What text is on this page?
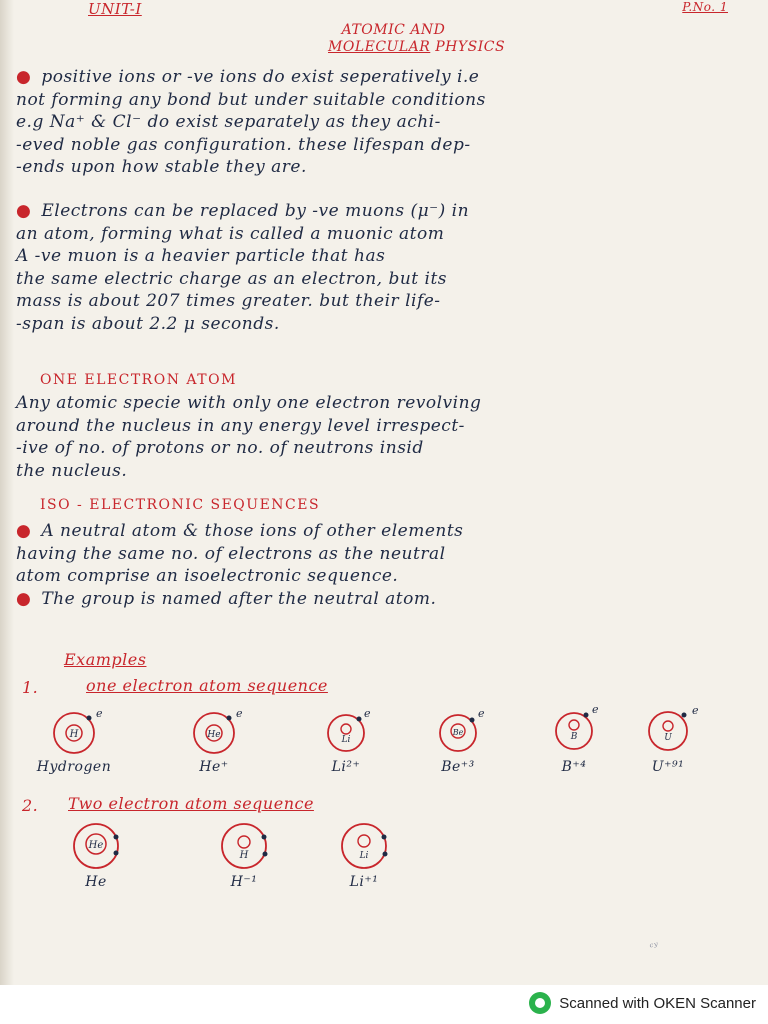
UNIT-I	P.No. 1
ATOMIC AND
MOLECULAR PHYSICS
● positive ions or -ve ions do exist seperatively i.e
not forming any bond but under suitable conditions
e.g Na⁺ & Cl⁻ do exist separately as they achi-
-eved noble gas configuration. these lifespan dep-
-ends upon how stable they are.
● Electrons can be replaced by -ve muons (μ⁻) in
an atom, forming what is called a muonic atom
A -ve muon is a heavier particle that has
the same electric charge as an electron, but its
mass is about 207 times greater. but their life-
-span is about 2.2 μ seconds.
ONE ELECTRON ATOM
Any atomic specie with only one electron revolving
around the nucleus in any energy level irrespect-
-ive of no. of protons or no. of neutrons insid
the nucleus.
ISO - ELECTRONIC SEQUENCES
● A neutral atom & those ions of other elements
having the same no. of electrons as the neutral
atom comprise an isoelectronic sequence.
● The group is named after the neutral atom.
Examples
1.	one electron atom sequence
H
e
Hydrogen
He
e
He⁺
Li
e
Li²⁺
Be
e
Be⁺³
B
e
B⁺⁴
U
e
U⁺⁹¹
2. Two electron atom sequence
He
He
H
H⁻¹
Li
Li⁺¹
ᶜʸ
Scanned with OKEN Scanner
